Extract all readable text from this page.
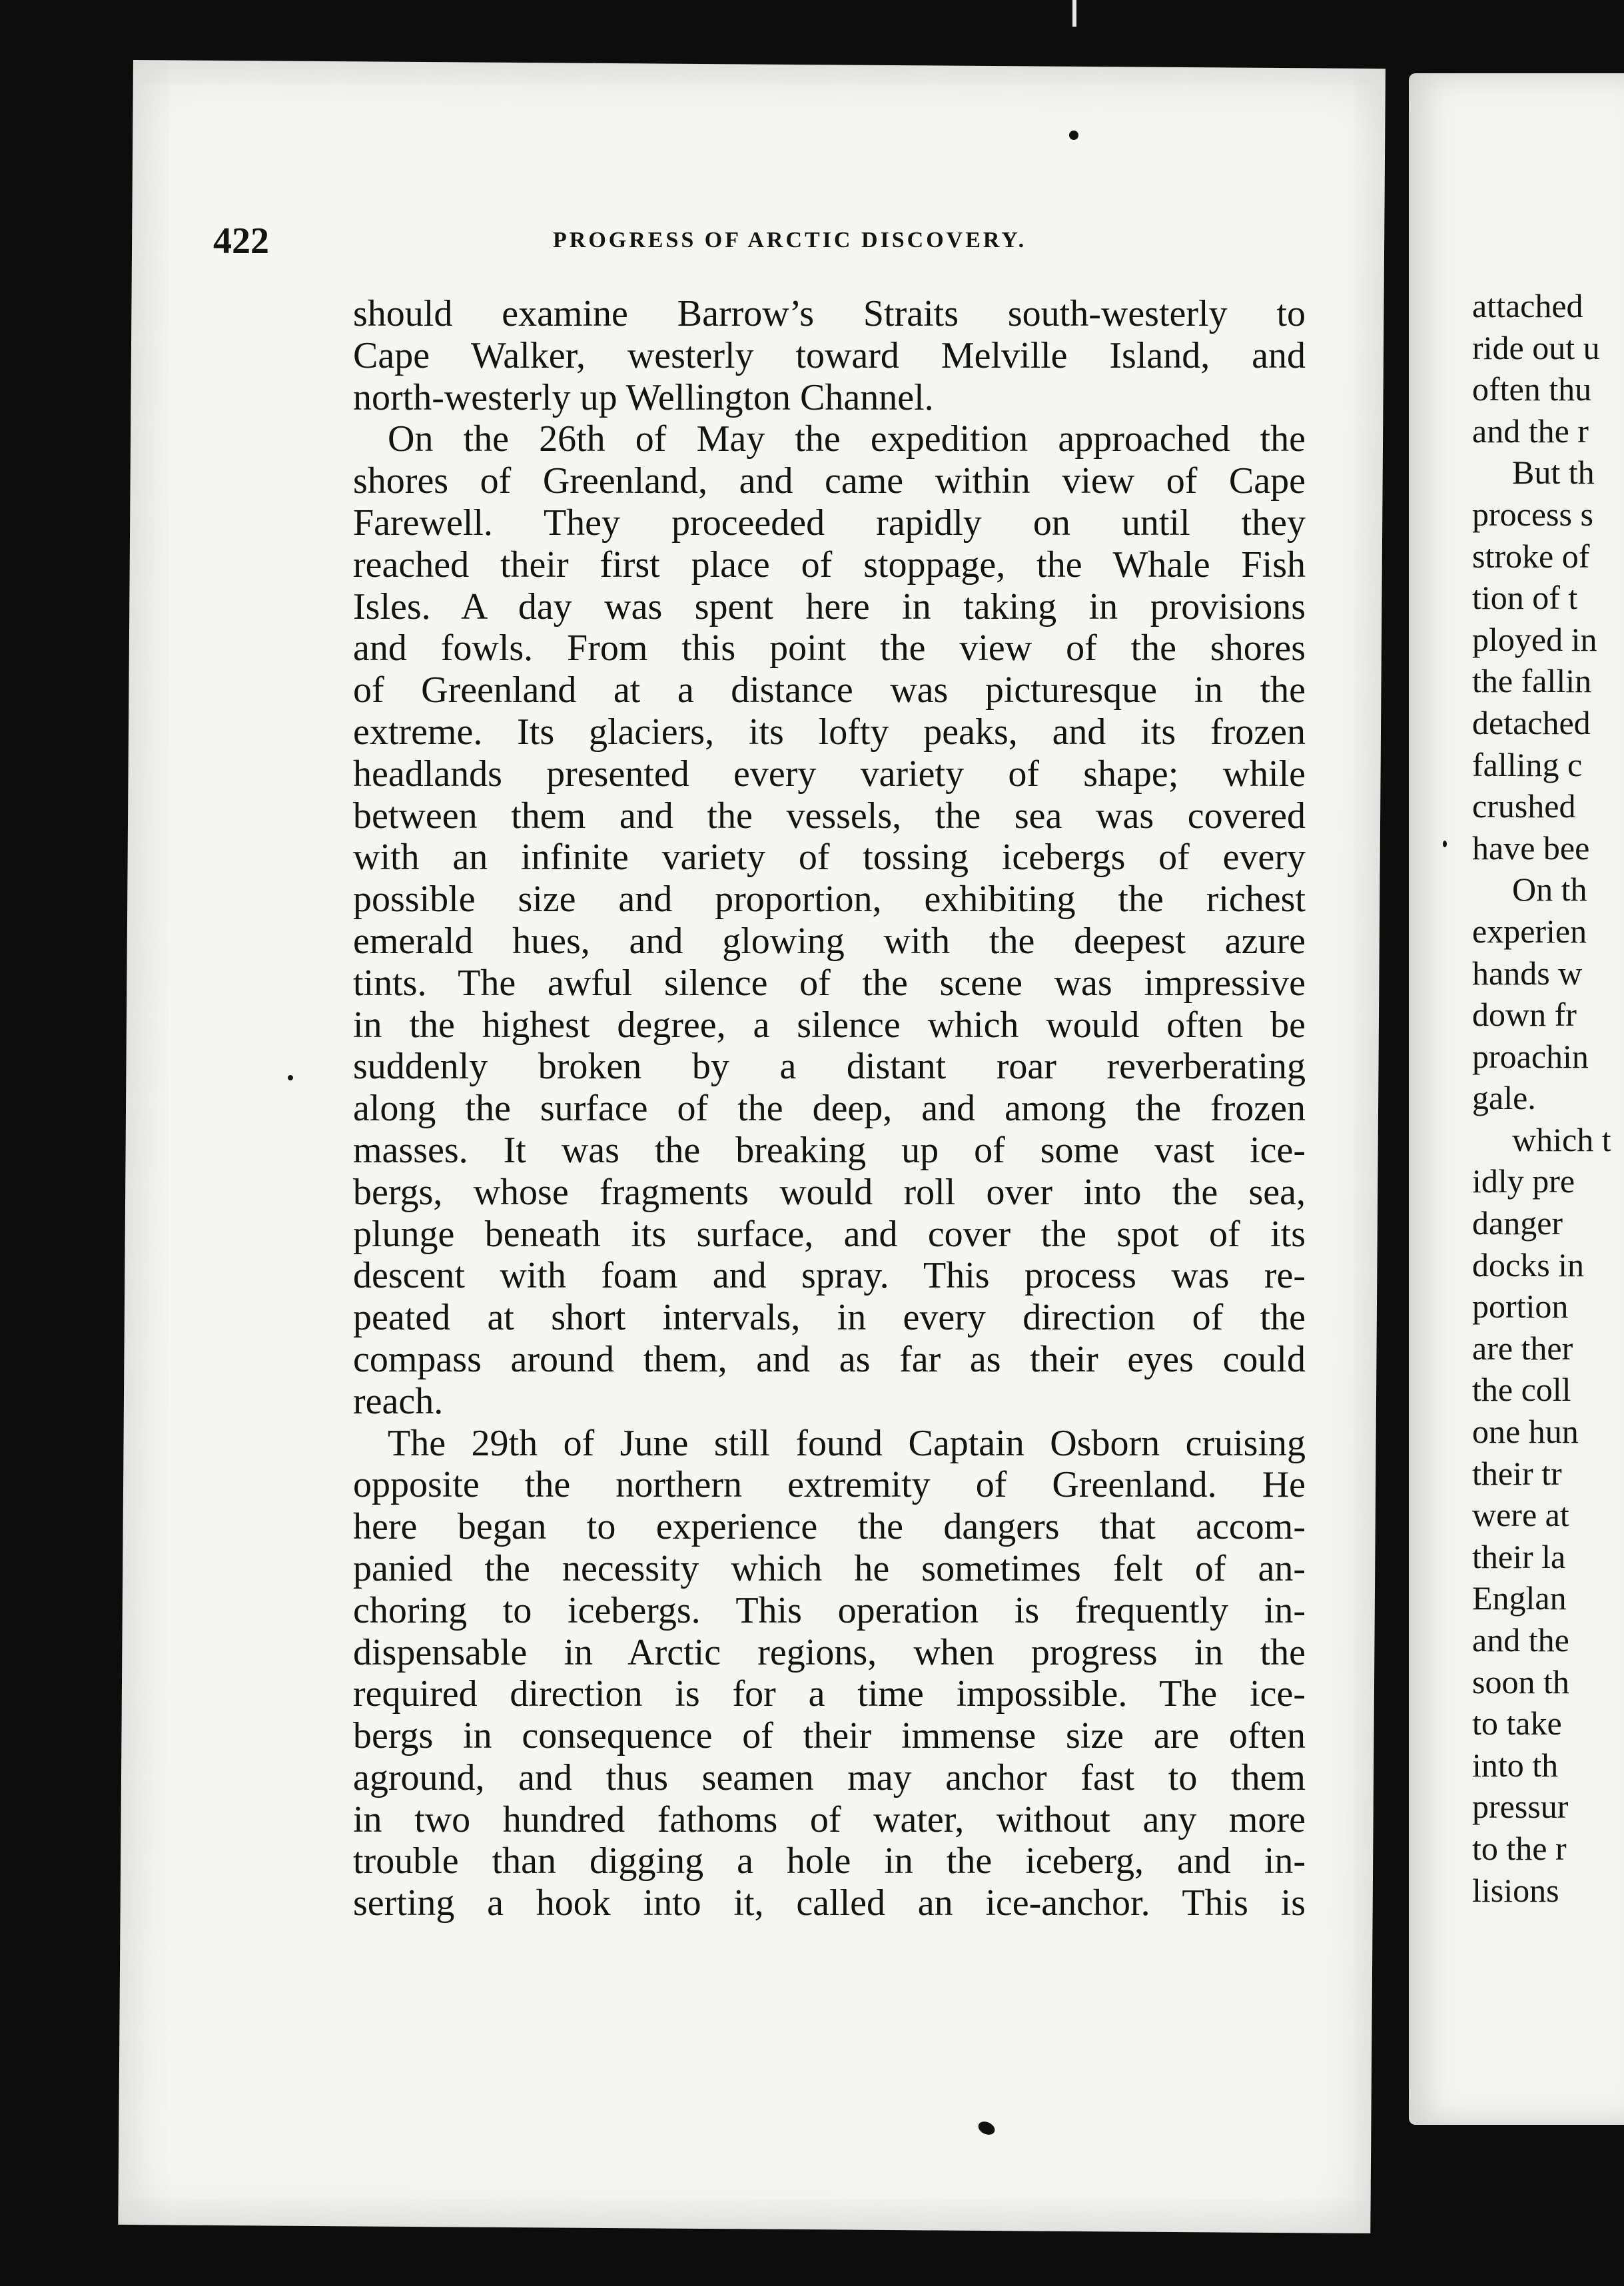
422	PROGRESS OF ARCTIC DISCOVERY.
should examine Barrow’s Straits south-westerly to
Cape Walker, westerly toward Melville Island, and
north-westerly up Wellington Channel.
On the 26th of May the expedition approached the
shores of Greenland, and came within view of Cape
Farewell. They proceeded rapidly on until they
reached their first place of stoppage, the Whale Fish
Isles. A day was spent here in taking in provisions
and fowls. From this point the view of the shores
of Greenland at a distance was picturesque in the
extreme. Its glaciers, its lofty peaks, and its frozen
headlands presented every variety of shape; while
between them and the vessels, the sea was covered
with an infinite variety of tossing icebergs of every
possible size and proportion, exhibiting the richest
emerald hues, and glowing with the deepest azure
tints. The awful silence of the scene was impressive
in the highest degree, a silence which would often be
suddenly broken by a distant roar reverberating
along the surface of the deep, and among the frozen
masses. It was the breaking up of some vast ice-
bergs, whose fragments would roll over into the sea,
plunge beneath its surface, and cover the spot of its
descent with foam and spray. This process was re-
peated at short intervals, in every direction of the
compass around them, and as far as their eyes could
reach.
The 29th of June still found Captain Osborn cruising
opposite the northern extremity of Greenland. He
here began to experience the dangers that accom-
panied the necessity which he sometimes felt of an-
choring to icebergs. This operation is frequently in-
dispensable in Arctic regions, when progress in the
required direction is for a time impossible. The ice-
bergs in consequence of their immense size are often
aground, and thus seamen may anchor fast to them
in two hundred fathoms of water, without any more
trouble than digging a hole in the iceberg, and in-
serting a hook into it, called an ice-anchor. This is
attached
ride out u
often thu
and the r
But th
process s
stroke of
tion of t
ployed in
the fallin
detached
falling c
crushed
have bee
On th
experien
hands w
down fr
proachin
gale.
which t
idly pre
danger
docks in
portion
are ther
the coll
one hun
their tr
were at
their la
Englan
and the
soon th
to take
into th
pressur
to the r
lisions
